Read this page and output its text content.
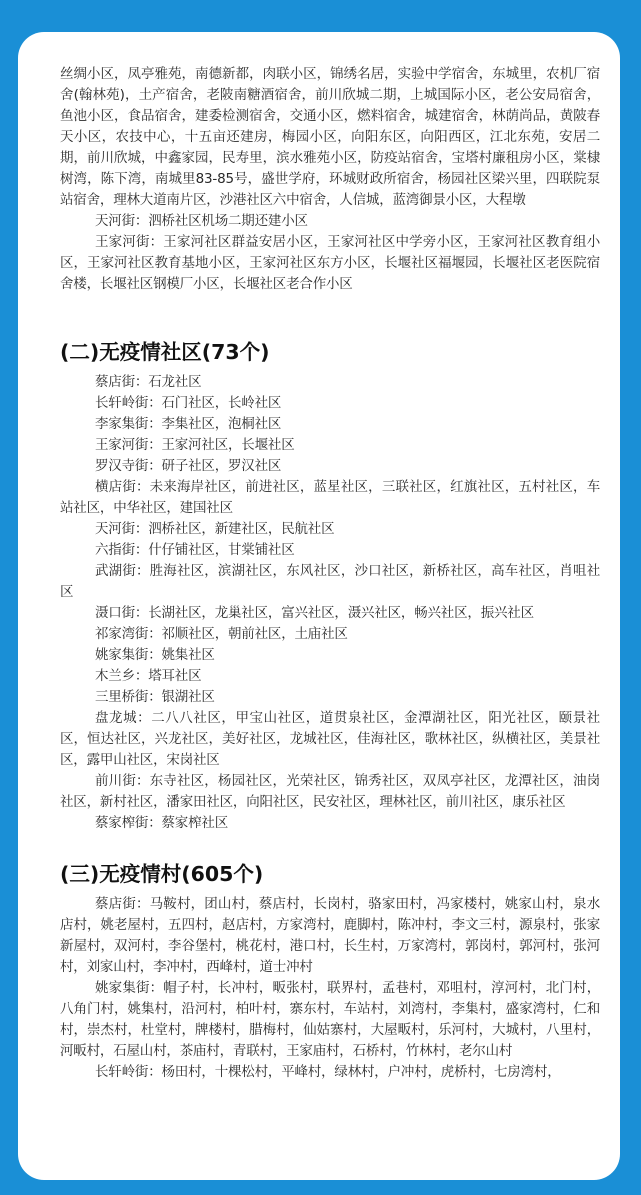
丝绸小区，凤亭雅苑，南德新都，肉联小区，锦绣名居，实验中学宿舍，东城里，农机厂宿舍(翰林苑)，土产宿舍，老陂南糖酒宿舍，前川欣城二期，上城国际小区，老公安局宿舍，鱼池小区，食品宿舍，建委检测宿舍，交通小区，燃料宿舍，城建宿舍，林荫尚品，黄陂春天小区，农技中心，十五亩还建房，梅园小区，向阳东区，向阳西区，江北东苑，安居二期，前川欣城，中鑫家园，民寿里，滨水雅苑小区，防疫站宿舍，宝塔村廉租房小区，棠棣树湾，陈下湾，南城里83-85号，盛世学府，环城财政所宿舍，杨园社区梁兴里，四联院泵站宿舍，理林大道南片区，沙港社区六中宿舍，人信城，蓝湾御景小区，大程墩

天河街：泗桥社区机场二期还建小区

王家河街：王家河社区群益安居小区，王家河社区中学旁小区，王家河社区教育组小区，王家河社区教育基地小区，王家河社区东方小区，长堰社区福堰园，长堰社区老医院宿舍楼，长堰社区钢模厂小区，长堰社区老合作小区

(二)无疫情社区(73个)

蔡店街：石龙社区

长轩岭街：石门社区，长岭社区

李家集街：李集社区，泡桐社区

王家河街：王家河社区，长堰社区

罗汉寺街：研子社区，罗汉社区

横店街：未来海岸社区，前进社区，蓝星社区，三联社区，红旗社区，五村社区，车站社区，中华社区，建国社区

天河街：泗桥社区，新建社区，民航社区

六指街：什仔铺社区，甘棠铺社区

武湖街：胜海社区，滨湖社区，东风社区，沙口社区，新桥社区，高车社区，肖咀社区

滠口街：长湖社区，龙巢社区，富兴社区，滠兴社区，畅兴社区，振兴社区

祁家湾街：祁顺社区，朝前社区，土庙社区

姚家集街：姚集社区

木兰乡：塔耳社区

三里桥街：银湖社区

盘龙城：二八八社区，甲宝山社区，道贯泉社区，金潭湖社区，阳光社区，颐景社区，恒达社区，兴龙社区，美好社区，龙城社区，佳海社区，歌林社区，纵横社区，美景社区，露甲山社区，宋岗社区

前川街：东寺社区，杨园社区，光荣社区，锦秀社区，双凤亭社区，龙潭社区，油岗社区，新村社区，潘家田社区，向阳社区，民安社区，理林社区，前川社区，康乐社区

蔡家榨街：蔡家榨社区

(三)无疫情村(605个)

蔡店街：马鞍村，团山村，蔡店村，长岗村，骆家田村，冯家楼村，姚家山村，泉水店村，姚老屋村，五四村，赵店村，方家湾村，鹿脚村，陈冲村，李文三村，源泉村，张家新屋村，双河村，李谷堡村，桃花村，港口村，长生村，万家湾村，郭岗村，郭河村，张河村，刘家山村，李冲村，西峰村，道士冲村

姚家集街：帽子村，长冲村，畈张村，联界村，孟巷村，邓咀村，淳河村，北门村，八角门村，姚集村，沿河村，柏叶村，寨东村，车站村，刘湾村，李集村，盛家湾村，仁和村，崇杰村，杜堂村，牌楼村，腊梅村，仙姑寨村，大屋畈村，乐河村，大城村，八里村，河畈村，石屋山村，茶庙村，青联村，王家庙村，石桥村，竹林村，老尔山村

长轩岭街：杨田村，十棵松村，平峰村，绿林村，户冲村，虎桥村，七房湾村，
